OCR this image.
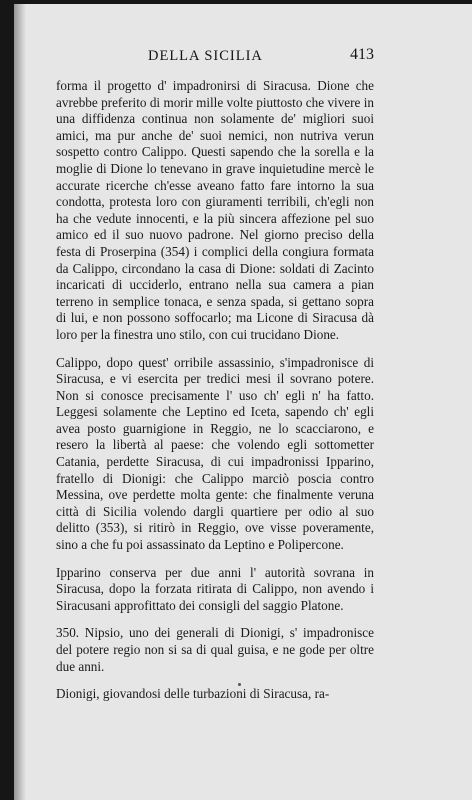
DELLA SICILIA	413

forma il progetto d' impadronirsi di Siracusa. Dione che avrebbe preferito di morir mille volte piuttosto che vivere in una diffidenza continua non solamente de' migliori suoi amici, ma pur anche de' suoi nemici, non nutriva verun sospetto contro Calippo. Questi sapendo che la sorella e la moglie di Dione lo tenevano in grave inquietudine mercè le accurate ricerche ch'esse aveano fatto fare intorno la sua condotta, protesta loro con giuramenti terribili, ch'egli non ha che vedute innocenti, e la più sincera affezione pel suo amico ed il suo nuovo padrone. Nel giorno preciso della festa di Proserpina (354) i complici della congiura formata da Calippo, circondano la casa di Dione: soldati di Zacinto incaricati di ucciderlo, entrano nella sua camera a pian terreno in semplice tonaca, e senza spada, si gettano sopra di lui, e non possono soffocarlo; ma Licone di Siracusa dà loro per la finestra uno stilo, con cui trucidano Dione.

Calippo, dopo quest' orribile assassinio, s'impadronisce di Siracusa, e vi esercita per tredici mesi il sovrano potere. Non si conosce precisamente l' uso ch' egli n' ha fatto. Leggesi solamente che Leptino ed Iceta, sapendo ch' egli avea posto guarnigione in Reggio, ne lo scacciarono, e resero la libertà al paese: che volendo egli sottometter Catania, perdette Siracusa, di cui impadronissi Ipparino, fratello di Dionigi: che Calippo marciò poscia contro Messina, ove perdette molta gente: che finalmente veruna città di Sicilia volendo dargli quartiere per odio al suo delitto (353), si ritirò in Reggio, ove visse poveramente, sino a che fu poi assassinato da Leptino e Polipercone.

Ipparino conserva per due anni l' autorità sovrana in Siracusa, dopo la forzata ritirata di Calippo, non avendo i Siracusani approfittato dei consigli del saggio Platone.

350. Nipsio, uno dei generali di Dionigi, s' impadronisce del potere regio non si sa di qual guisa, e ne gode per oltre due anni.

Dionigi, giovandosi delle turbazioni di Siracusa, ra-
